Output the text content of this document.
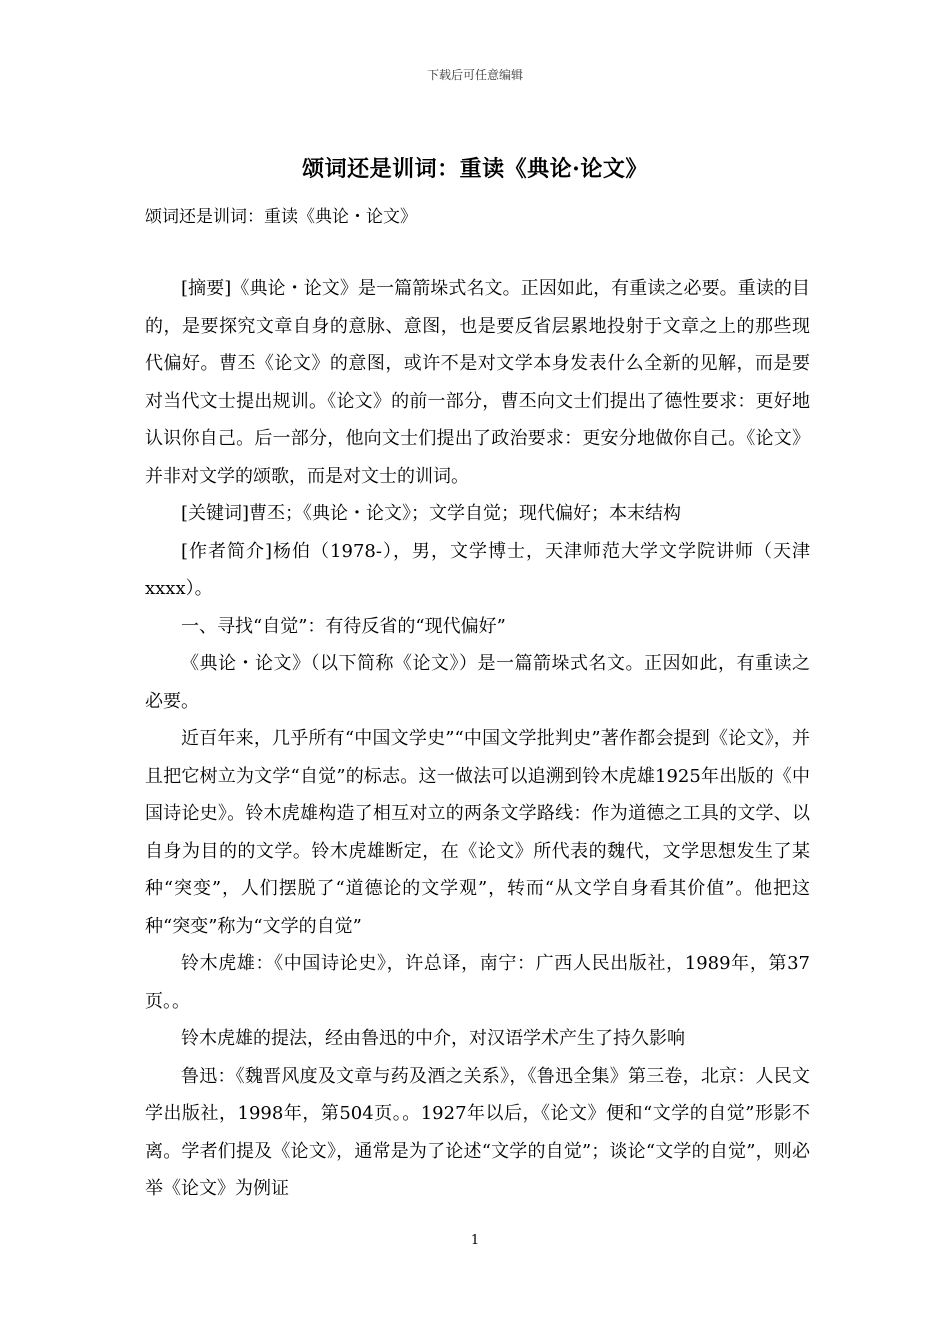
下载后可任意编辑
颂词还是训词：重读《典论·论文》
颂词还是训词：重读《典论・论文》

[摘要]《典论・论文》是一篇箭垛式名文。正因如此，有重读之必要。重读的目的，是要探究文章自身的意脉、意图，也是要反省层累地投射于文章之上的那些现代偏好。曹丕《论文》的意图，或许不是对文学本身发表什么全新的见解，而是要对当代文士提出规训。《论文》的前一部分，曹丕向文士们提出了德性要求：更好地认识你自己。后一部分，他向文士们提出了政治要求：更安分地做你自己。《论文》并非对文学的颂歌，而是对文士的训词。

[关键词]曹丕；《典论・论文》；文学自觉；现代偏好；本末结构

[作者简介]杨伯（1978-），男，文学博士，天津师范大学文学院讲师（天津 xxxx）。

一、寻找“自觉”：有待反省的“现代偏好”

《典论・论文》（以下简称《论文》）是一篇箭垛式名文。正因如此，有重读之必要。

近百年来，几乎所有“中国文学史”“中国文学批判史”著作都会提到《论文》，并且把它树立为文学“自觉”的标志。这一做法可以追溯到铃木虎雄1925年出版的《中国诗论史》。铃木虎雄构造了相互对立的两条文学路线：作为道德之工具的文学、以自身为目的的文学。铃木虎雄断定，在《论文》所代表的魏代，文学思想发生了某种“突变”，人们摆脱了“道德论的文学观”，转而“从文学自身看其价值”。他把这种“突变”称为“文学的自觉”

铃木虎雄：《中国诗论史》，许总译，南宁：广西人民出版社，1989年，第37页。。

铃木虎雄的提法，经由鲁迅的中介，对汉语学术产生了持久影响

鲁迅：《魏晋风度及文章与药及酒之关系》，《鲁迅全集》第三卷，北京：人民文学出版社，1998年，第504页。。1927年以后，《论文》便和“文学的自觉”形影不离。学者们提及《论文》，通常是为了论述“文学的自觉”；谈论“文学的自觉”，则必举《论文》为例证

1
